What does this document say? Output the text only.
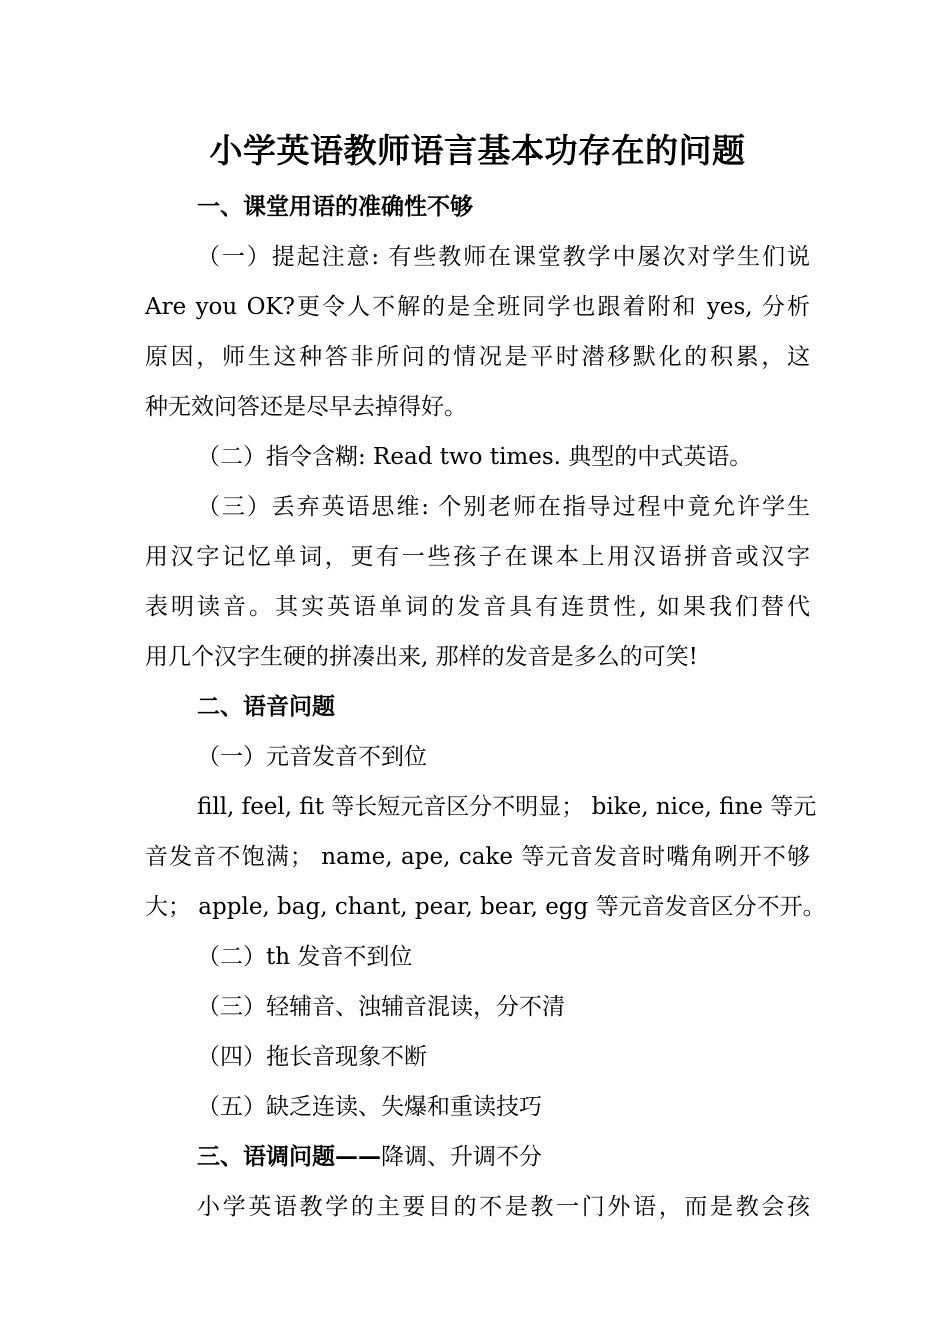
小学英语教师语言基本功存在的问题

一、课堂用语的准确性不够

（一）提起注意: 有些教师在课堂教学中屡次对学生们说

Are you OK?更令人不解的是全班同学也跟着附和 yes, 分析

原因，师生这种答非所问的情况是平时潜移默化的积累，这

种无效问答还是尽早去掉得好。

（二）指令含糊: Read two times. 典型的中式英语。

（三）丢弃英语思维: 个别老师在指导过程中竟允许学生

用汉字记忆单词，更有一些孩子在课本上用汉语拼音或汉字

表明读音。其实英语单词的发音具有连贯性, 如果我们替代

用几个汉字生硬的拼凑出来, 那样的发音是多么的可笑!

二、语音问题

（一）元音发音不到位

fill, feel, fit 等长短元音区分不明显； bike, nice, fine 等元

音发音不饱满； name, ape, cake 等元音发音时嘴角咧开不够

大； apple, bag, chant, pear, bear, egg 等元音发音区分不开。

（二）th 发音不到位

（三）轻辅音、浊辅音混读，分不清

（四）拖长音现象不断

（五）缺乏连读、失爆和重读技巧

三、语调问题——降调、升调不分

小学英语教学的主要目的不是教一门外语，而是教会孩
